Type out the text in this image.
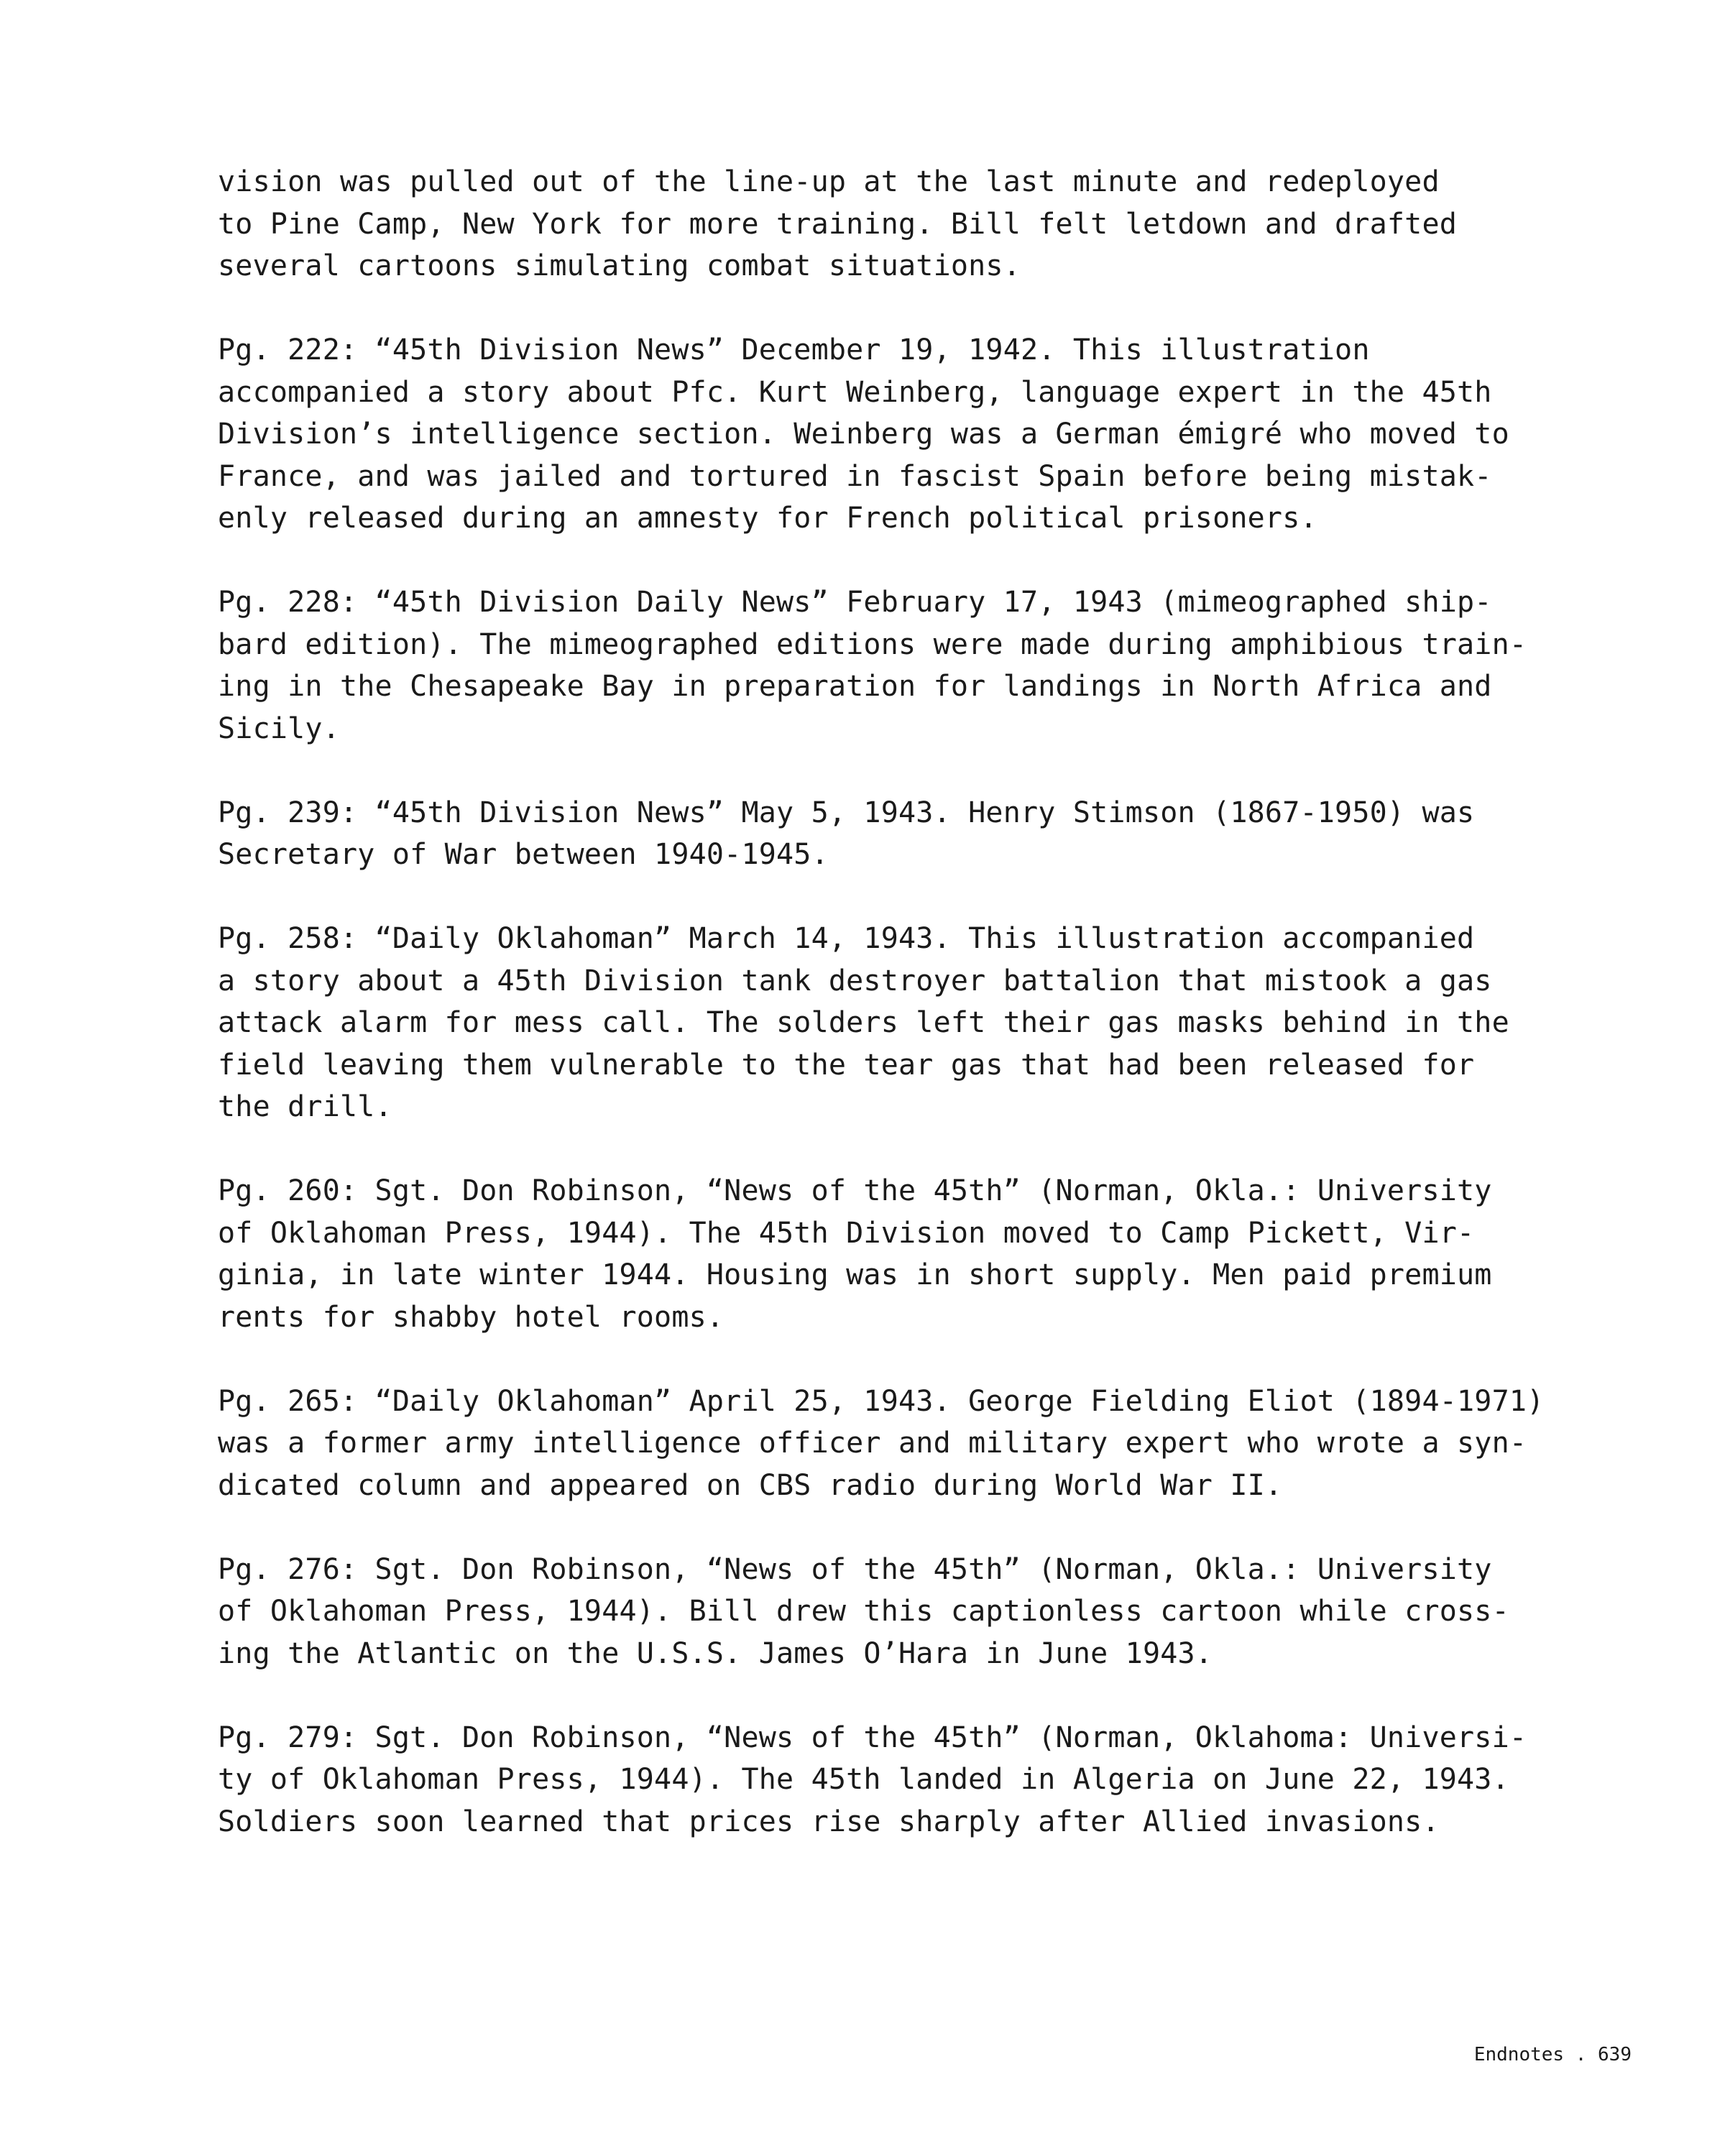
vision was pulled out of the line-up at the last minute and redeployed
to Pine Camp, New York for more training. Bill felt letdown and drafted
several cartoons simulating combat situations.
Pg. 222: “45th Division News” December 19, 1942. This illustration
accompanied a story about Pfc. Kurt Weinberg, language expert in the 45th
Division’s intelligence section. Weinberg was a German émigré who moved to
France, and was jailed and tortured in fascist Spain before being mistak-
enly released during an amnesty for French political prisoners.
Pg. 228: “45th Division Daily News” February 17, 1943 (mimeographed ship-
bard edition). The mimeographed editions were made during amphibious train-
ing in the Chesapeake Bay in preparation for landings in North Africa and
Sicily.
Pg. 239: “45th Division News” May 5, 1943. Henry Stimson (1867-1950) was
Secretary of War between 1940-1945.
Pg. 258: “Daily Oklahoman” March 14, 1943. This illustration accompanied
a story about a 45th Division tank destroyer battalion that mistook a gas
attack alarm for mess call. The solders left their gas masks behind in the
field leaving them vulnerable to the tear gas that had been released for
the drill.
Pg. 260: Sgt. Don Robinson, “News of the 45th” (Norman, Okla.: University
of Oklahoman Press, 1944). The 45th Division moved to Camp Pickett, Vir-
ginia, in late winter 1944. Housing was in short supply. Men paid premium
rents for shabby hotel rooms.
Pg. 265: “Daily Oklahoman” April 25, 1943. George Fielding Eliot (1894-1971)
was a former army intelligence officer and military expert who wrote a syn-
dicated column and appeared on CBS radio during World War II.
Pg. 276: Sgt. Don Robinson, “News of the 45th” (Norman, Okla.: University
of Oklahoman Press, 1944). Bill drew this captionless cartoon while cross-
ing the Atlantic on the U.S.S. James O’Hara in June 1943.
Pg. 279: Sgt. Don Robinson, “News of the 45th” (Norman, Oklahoma: Universi-
ty of Oklahoman Press, 1944). The 45th landed in Algeria on June 22, 1943.
Soldiers soon learned that prices rise sharply after Allied invasions.
Endnotes . 639
